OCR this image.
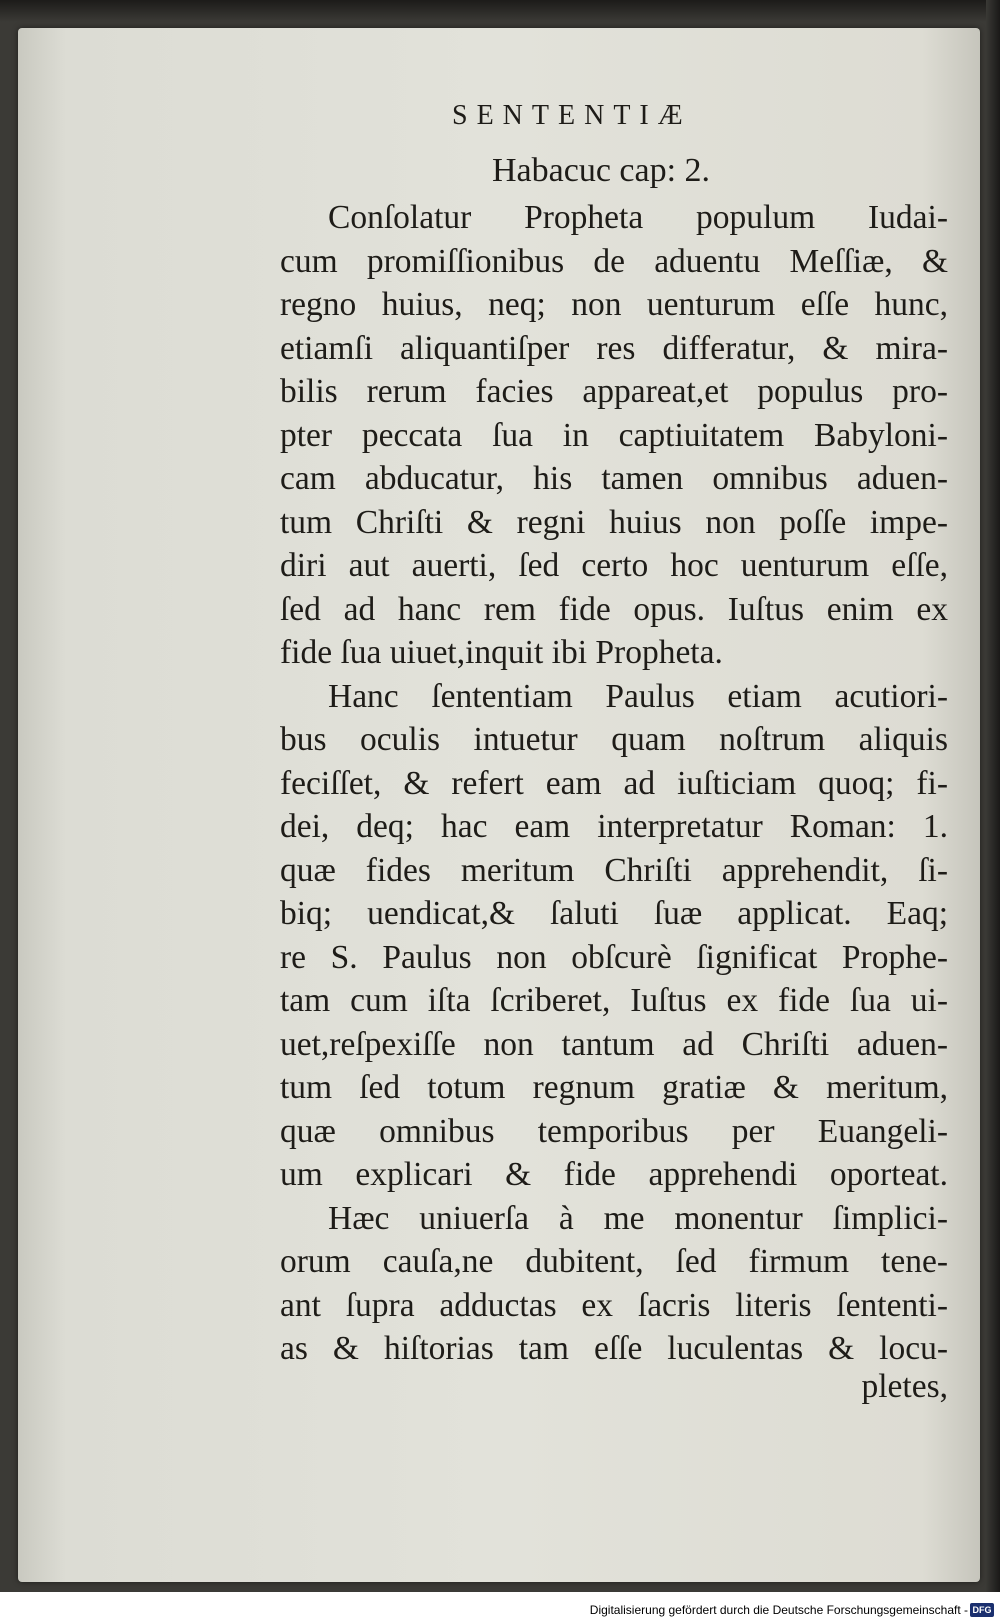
SENTENTIÆ
Habacuc cap: 2.
Conſolatur Propheta populum Iudai-
cum promiſſionibus de aduentu Meſſiæ, &
regno huius, neq; non uenturum eſſe hunc,
etiamſi aliquantiſper res differatur, & mira-
bilis rerum facies appareat,et populus pro-
pter peccata ſua in captiuitatem Babyloni-
cam abducatur, his tamen omnibus aduen-
tum Chriſti & regni huius non poſſe impe-
diri aut auerti, ſed certo hoc uenturum eſſe,
ſed ad hanc rem fide opus. Iuſtus enim ex
fide ſua uiuet,inquit ibi Propheta.
Hanc ſententiam Paulus etiam acutiori-
bus oculis intuetur quam noſtrum aliquis
feciſſet, & refert eam ad iuſticiam quoq; fi-
dei, deq; hac eam interpretatur Roman: 1.
quæ fides meritum Chriſti apprehendit, ſi-
biq; uendicat,& ſaluti ſuæ applicat. Eaq;
re S. Paulus non obſcurè ſignificat Prophe-
tam cum iſta ſcriberet, Iuſtus ex fide ſua ui-
uet,reſpexiſſe non tantum ad Chriſti aduen-
tum ſed totum regnum gratiæ & meritum,
quæ omnibus temporibus per Euangeli-
um explicari & fide apprehendi oporteat.
Hæc uniuerſa à me monentur ſimplici-
orum cauſa,ne dubitent, ſed firmum tene-
ant ſupra adductas ex ſacris literis ſententi-
as & hiſtorias tam eſſe luculentas & locu-
pletes,
Digitalisierung gefördert durch die Deutsche Forschungsgemeinschaft - DFG
